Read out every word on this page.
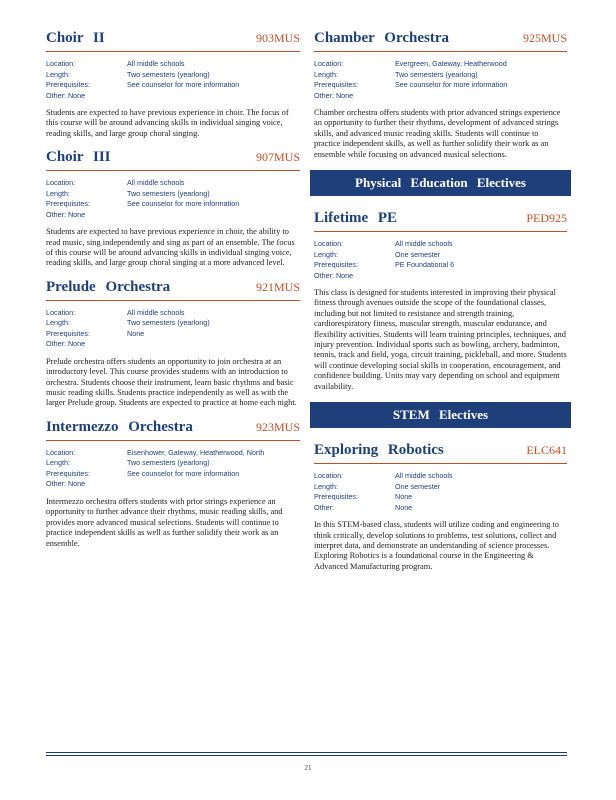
Choir II	903MUS
Location:	All middle schools
Length:	Two semesters (yearlong)
Prerequisites:	See counselor for more information
Other: None

Students are expected to have previous experience in choir. The focus of this course will be around advancing skills in individual singing voice, reading skills, and large group choral singing.

Choir III	907MUS
Location:	All middle schools
Length:	Two semesters (yearlong)
Prerequisites:	See counselor for more information
Other: None

Students are expected to have previous experience in choir, the ability to read music, sing independently and sing as part of an ensemble. The focus of this course will be around advancing skills in individual singing voice, reading skills, and large group choral singing at a more advanced level.

Prelude Orchestra	921MUS
Location:	All middle schools
Length:	Two semesters (yearlong)
Prerequisites:	None
Other: None

Prelude orchestra offers students an opportunity to join orchestra at an introductory level. This course provides students with an introduction to orchestra. Students choose their instrument, learn basic rhythms and basic music reading skills. Students practice independently as well as with the larger Prelude group. Students are expected to practice at home each night.

Intermezzo Orchestra	923MUS
Location:	Eisenhower, Gateway, Heatherwood, North
Length:	Two semesters (yearlong)
Prerequisites:	See counselor for more information
Other: None

Intermezzo orchestra offers students with prior strings experience an opportunity to further advance their rhythms, music reading skills, and provides more advanced musical selections. Students will continue to practice independent skills as well as further solidify their work as an ensemble.

Chamber Orchestra	925MUS
Location:	Evergreen, Gateway, Heatherwood
Length:	Two semesters (yearlong)
Prerequisites:	See counselor for more information
Other: None

Chamber orchestra offers students with prior advanced strings experience an opportunity to further their rhythms, development of advanced strings skills, and advanced music reading skills. Students will continue to practice independent skills, as well as further solidify their work as an ensemble while focusing on advanced musical selections.

Physical Education Electives
Lifetime PE	PED925
Location:	All middle schools
Length:	One semester
Prerequisites:	PE Foundational 6
Other: None

This class is designed for students interested in improving their physical fitness through avenues outside the scope of the foundational classes, including but not limited to resistance and strength training, cardiorespiratory fitness, muscular strength, muscular endurance, and flexibility activities. Students will learn training principles, techniques, and injury prevention. Individual sports such as bowling, archery, badminton, tennis, track and field, yoga, circuit training, pickleball, and more. Students will continue developing social skills in cooperation, encouragement, and confidence building. Units may vary depending on school and equipment availability.

STEM Electives
Exploring Robotics	ELC641
Location:	All middle schools
Length:	One semester
Prerequisites:	None
Other:	None

In this STEM-based class, students will utilize coding and engineering to think critically, develop solutions to problems, test solutions, collect and interpret data, and demonstrate an understanding of science processes. Exploring Robotics is a foundational course in the Engineering & Advanced Manufacturing program.

21
